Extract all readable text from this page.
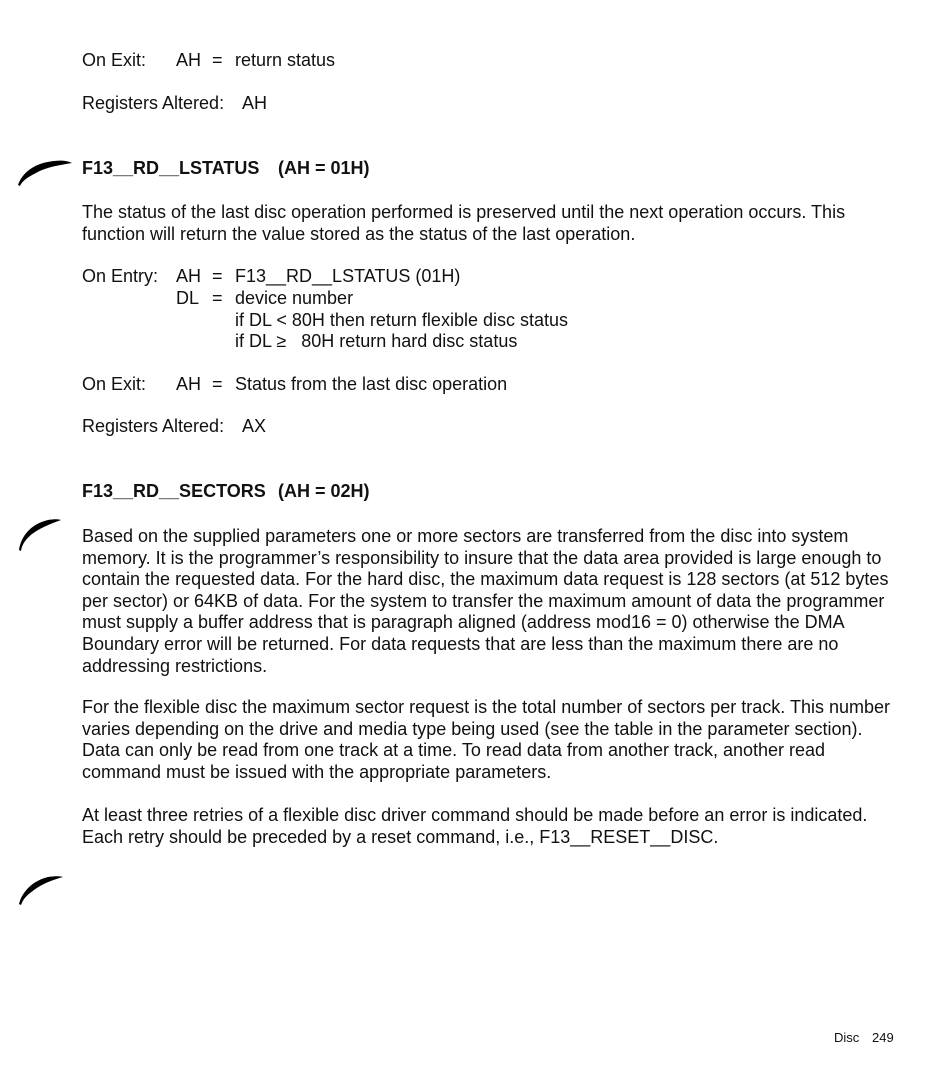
On Exit: AH = return status
Registers Altered: AH
F13__RD__LSTATUS (AH = 01H)
The status of the last disc operation performed is preserved until the next operation occurs. This function will return the value stored as the status of the last operation.
On Entry: AH = F13__RD__LSTATUS (01H)
DL = device number
if DL < 80H then return flexible disc status
if DL ≥   80H return hard disc status
On Exit: AH = Status from the last disc operation
Registers Altered: AX
F13__RD__SECTORS (AH = 02H)
Based on the supplied parameters one or more sectors are transferred from the disc into system memory. It is the programmer’s responsibility to insure that the data area provided is large enough to contain the requested data. For the hard disc, the maximum data request is 128 sectors (at 512 bytes per sector) or 64KB of data. For the system to transfer the maximum amount of data the programmer must supply a buffer address that is paragraph aligned (address mod16 = 0) otherwise the DMA Boundary error will be returned. For data requests that are less than the maximum there are no addressing restrictions.
For the flexible disc the maximum sector request is the total number of sectors per track. This number varies depending on the drive and media type being used (see the table in the parameter section). Data can only be read from one track at a time. To read data from another track, another read command must be issued with the appropriate parameters.
At least three retries of a flexible disc driver command should be made before an error is indicated. Each retry should be preceded by a reset command, i.e., F13__RESET__DISC.
Disc 249
